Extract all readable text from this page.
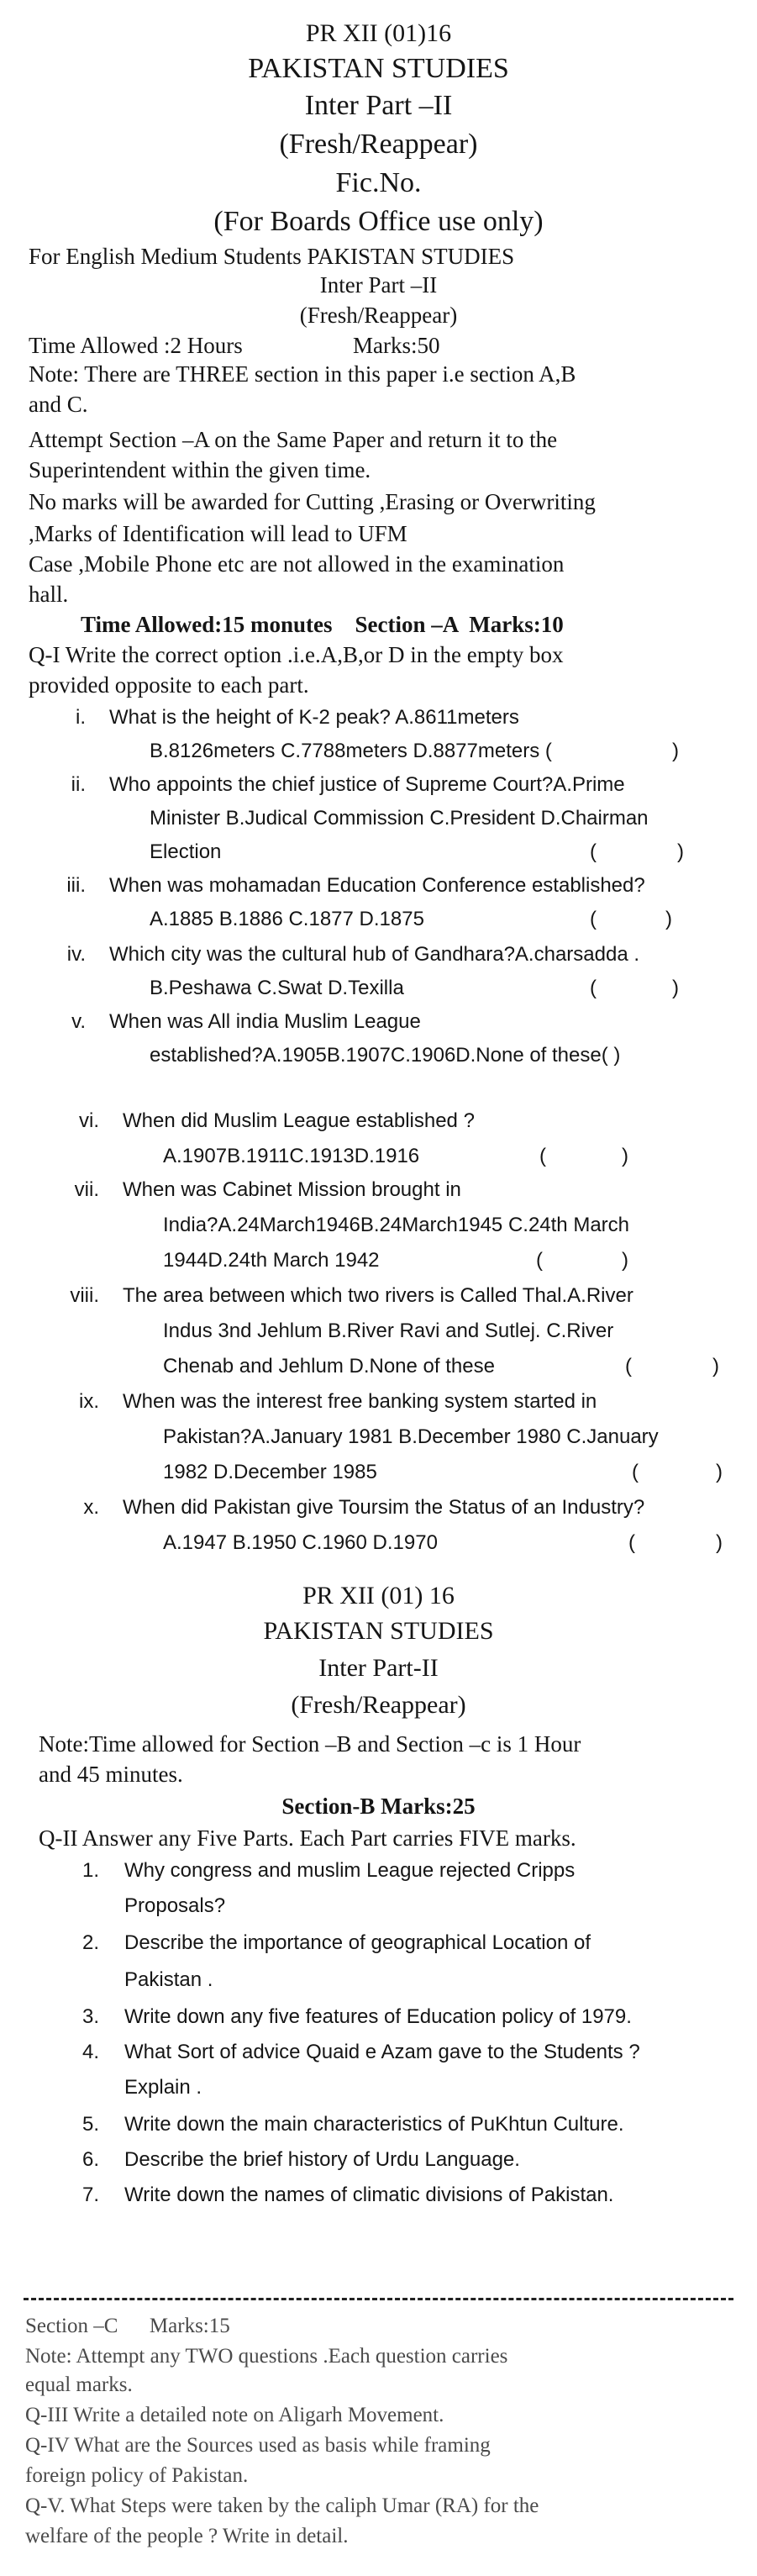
PR XII (01)16
PAKISTAN STUDIES
Inter Part –II
(Fresh/Reappear)
Fic.No.
(For Boards Office use only)
For English Medium Students PAKISTAN STUDIES
Inter Part –II
(Fresh/Reappear)
Time Allowed :2 Hours	Marks:50
Note: There are THREE section in this paper i.e section A,B
and C.
Attempt Section –A on the Same Paper and return it to the
Superintendent within the given time.
No marks will be awarded for Cutting ,Erasing or Overwriting
,Marks of Identification will lead to UFM
Case ,Mobile Phone etc are not allowed in the examination
hall.
Time Allowed:15 monutes    Section –A  Marks:10
Q-I Write the correct option .i.e.A,B,or D in the empty box
provided opposite to each part.
i. What is the height of K-2 peak? A.8611meters
B.8126meters C.7788meters D.8877meters (	)
ii. Who appoints the chief justice of Supreme Court?A.Prime
Minister B.Judical Commission C.President D.Chairman
Election	(	)
iii. When was mohamadan Education Conference established?
A.1885 B.1886 C.1877 D.1875	(	)
iv. Which city was the cultural hub of Gandhara?A.charsadda .
B.Peshawa C.Swat D.Texilla	(	)
v. When was All india Muslim League
established?A.1905B.1907C.1906D.None of these( )
vi. When did Muslim League established ?
A.1907B.1911C.1913D.1916	(	)
vii. When was Cabinet Mission brought in
India?A.24March1946B.24March1945 C.24th March
1944D.24th March 1942	(	)
viii. The area between which two rivers is Called Thal.A.River
Indus 3nd Jehlum B.River Ravi and Sutlej. C.River
Chenab and Jehlum D.None of these	(	)
ix. When was the interest free banking system started in
Pakistan?A.January 1981 B.December 1980 C.January
1982 D.December 1985	(	)
x. When did Pakistan give Toursim the Status of an Industry?
A.1947 B.1950 C.1960 D.1970	(	)
PR XII (01) 16
PAKISTAN STUDIES
Inter Part-II
(Fresh/Reappear)
Note:Time allowed for Section –B and Section –c is 1 Hour
and 45 minutes.
Section-B Marks:25
Q-II Answer any Five Parts. Each Part carries FIVE marks.
1. Why congress and muslim League rejected Cripps
Proposals?
2. Describe the importance of geographical Location of
Pakistan .
3. Write down any five features of Education policy of 1979.
4. What Sort of advice Quaid e Azam gave to the Students ?
Explain .
5. Write down the main characteristics of PuKhtun Culture.
6. Describe the brief history of Urdu Language.
7. Write down the names of climatic divisions of Pakistan.
Section –C      Marks:15
Note: Attempt any TWO questions .Each question carries
equal marks.
Q-III Write a detailed note on Aligarh Movement.
Q-IV What are the Sources used as basis while framing
foreign policy of Pakistan.
Q-V. What Steps were taken by the caliph Umar (RA) for the
welfare of the people ? Write in detail.
